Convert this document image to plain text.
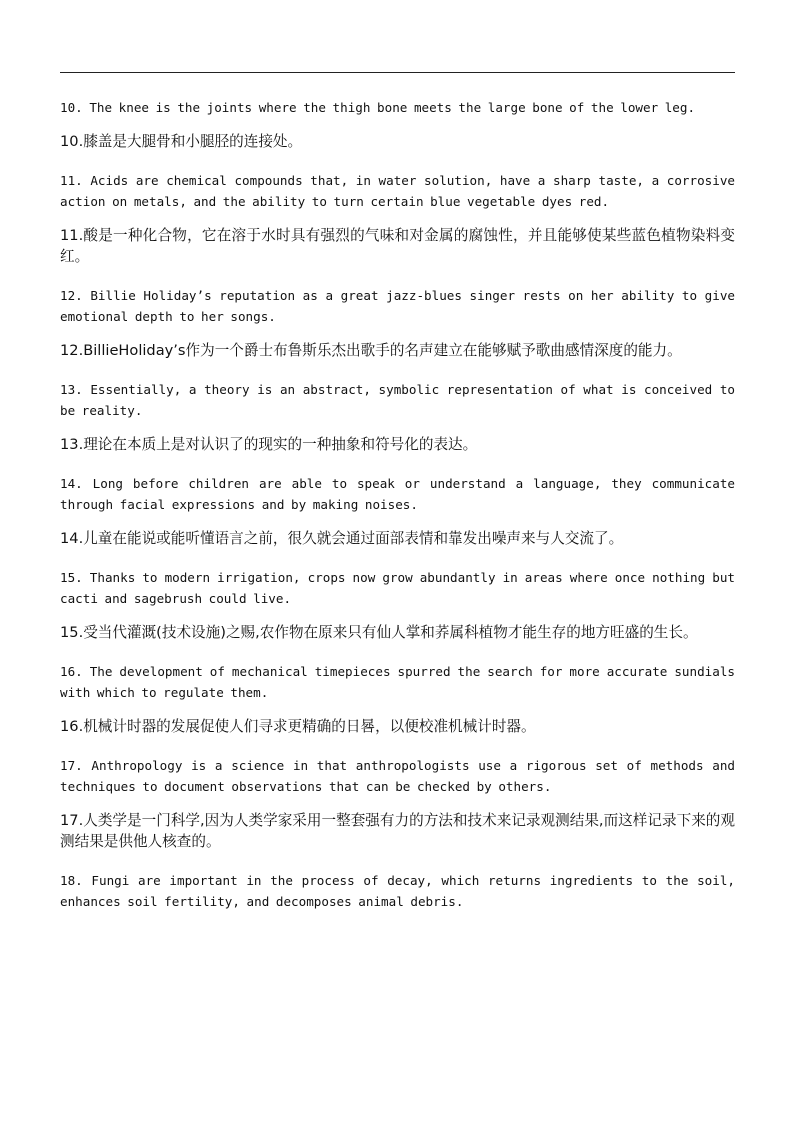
10. The knee is the joints where the thigh bone meets the large bone of the lower leg.

10.膝盖是大腿骨和小腿胫的连接处。

11. Acids are chemical compounds that, in water solution, have a sharp taste, a corrosive action on metals, and the ability to turn certain blue vegetable dyes red.

11.酸是一种化合物，它在溶于水时具有强烈的气味和对金属的腐蚀性，并且能够使某些蓝色植物染料变红。

12. Billie Holiday’s reputation as a great jazz-blues singer rests on her ability to give emotional depth to her songs.

12.BillieHoliday’s作为一个爵士布鲁斯乐杰出歌手的名声建立在能够赋予歌曲感情深度的能力。

13. Essentially, a theory is an abstract, symbolic representation of what is conceived to be reality.

13.理论在本质上是对认识了的现实的一种抽象和符号化的表达。

14. Long before children are able to speak or understand a language, they communicate through facial expressions and by making noises.

14.儿童在能说或能听懂语言之前，很久就会通过面部表情和靠发出噪声来与人交流了。

15. Thanks to modern irrigation, crops now grow abundantly in areas where once nothing but cacti and sagebrush could live.

15.受当代灌溉(技术设施)之赐,农作物在原来只有仙人掌和荞属科植物才能生存的地方旺盛的生长。

16. The development of mechanical timepieces spurred the search for more accurate sundials with which to regulate them.

16.机械计时器的发展促使人们寻求更精确的日晷，以便校准机械计时器。

17. Anthropology is a science in that anthropologists use a rigorous set of methods and techniques to document observations that can be checked by others.

17.人类学是一门科学,因为人类学家采用一整套强有力的方法和技术来记录观测结果,而这样记录下来的观测结果是供他人核查的。

18. Fungi are important in the process of decay, which returns ingredients to the soil, enhances soil fertility, and decomposes animal debris.
